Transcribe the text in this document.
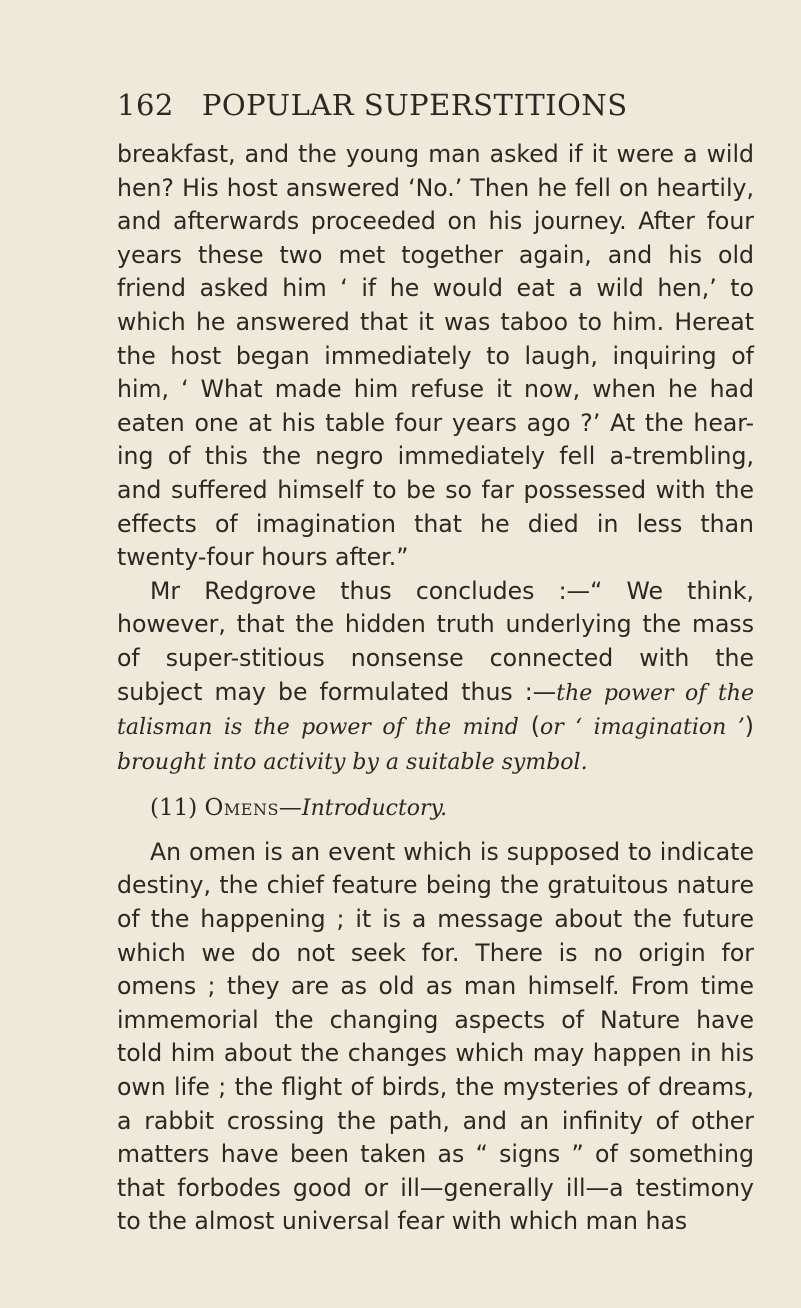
162 POPULAR SUPERSTITIONS

breakfast, and the young man asked if it were a wild hen? His host answered ‘No.’ Then he fell on heartily, and afterwards proceeded on his journey. After four years these two met together again, and his old friend asked him ‘ if he would eat a wild hen,’ to which he answered that it was taboo to him. Hereat the host began immediately to laugh, inquiring of him, ‘ What made him refuse it now, when he had eaten one at his table four years ago ?’ At the hear-ing of this the negro immediately fell a-trembling, and suffered himself to be so far possessed with the effects of imagination that he died in less than twenty-four hours after.”

Mr Redgrove thus concludes :—“ We think, however, that the hidden truth underlying the mass of super-stitious nonsense connected with the subject may be formulated thus :—the power of the talisman is the power of the mind (or ‘ imagination ’) brought into activity by a suitable symbol.

(11) Omens—Introductory.

An omen is an event which is supposed to indicate destiny, the chief feature being the gratuitous nature of the happening ; it is a message about the future which we do not seek for. There is no origin for omens ; they are as old as man himself. From time immemorial the changing aspects of Nature have told him about the changes which may happen in his own life ; the flight of birds, the mysteries of dreams, a rabbit crossing the path, and an infinity of other matters have been taken as “ signs ” of something that forbodes good or ill—generally ill—a testimony to the almost universal fear with which man has
